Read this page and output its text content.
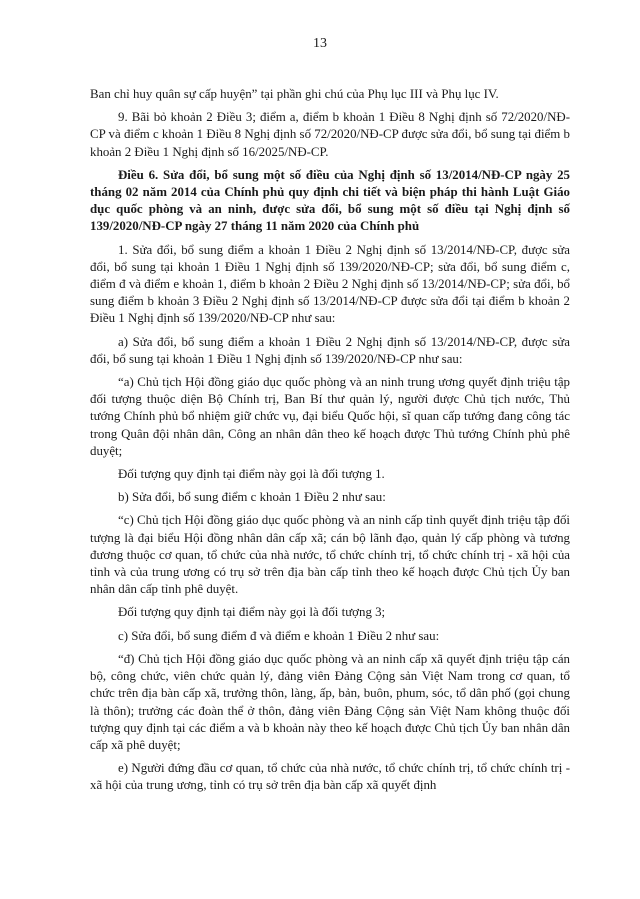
13

Ban chỉ huy quân sự cấp huyện” tại phần ghi chú của Phụ lục III và Phụ lục IV.

9. Bãi bỏ khoản 2 Điều 3; điểm a, điểm b khoản 1 Điều 8 Nghị định số 72/2020/NĐ-CP và điểm c khoản 1 Điều 8 Nghị định số 72/2020/NĐ-CP được sửa đổi, bổ sung tại điểm b khoản 2 Điều 1 Nghị định số 16/2025/NĐ-CP.

Điều 6. Sửa đổi, bổ sung một số điều của Nghị định số 13/2014/NĐ-CP ngày 25 tháng 02 năm 2014 của Chính phủ quy định chi tiết và biện pháp thi hành Luật Giáo dục quốc phòng và an ninh, được sửa đổi, bổ sung một số điều tại Nghị định số 139/2020/NĐ-CP ngày 27 tháng 11 năm 2020 của Chính phủ

1. Sửa đổi, bổ sung điểm a khoản 1 Điều 2 Nghị định số 13/2014/NĐ-CP, được sửa đổi, bổ sung tại khoản 1 Điều 1 Nghị định số 139/2020/NĐ-CP; sửa đổi, bổ sung điểm c, điểm đ và điểm e khoản 1, điểm b khoản 2 Điều 2 Nghị định số 13/2014/NĐ-CP; sửa đổi, bổ sung điểm b khoản 3 Điều 2 Nghị định số 13/2014/NĐ-CP được sửa đổi tại điểm b khoản 2 Điều 1 Nghị định số 139/2020/NĐ-CP như sau:

a) Sửa đổi, bổ sung điểm a khoản 1 Điều 2 Nghị định số 13/2014/NĐ-CP, được sửa đổi, bổ sung tại khoản 1 Điều 1 Nghị định số 139/2020/NĐ-CP như sau:

“a) Chủ tịch Hội đồng giáo dục quốc phòng và an ninh trung ương quyết định triệu tập đối tượng thuộc diện Bộ Chính trị, Ban Bí thư quản lý, người được Chủ tịch nước, Thủ tướng Chính phủ bổ nhiệm giữ chức vụ, đại biểu Quốc hội, sĩ quan cấp tướng đang công tác trong Quân đội nhân dân, Công an nhân dân theo kế hoạch được Thủ tướng Chính phủ phê duyệt;

Đối tượng quy định tại điểm này gọi là đối tượng 1.

b) Sửa đổi, bổ sung điểm c khoản 1 Điều 2 như sau:

“c) Chủ tịch Hội đồng giáo dục quốc phòng và an ninh cấp tỉnh quyết định triệu tập đối tượng là đại biểu Hội đồng nhân dân cấp xã; cán bộ lãnh đạo, quản lý cấp phòng và tương đương thuộc cơ quan, tổ chức của nhà nước, tổ chức chính trị, tổ chức chính trị - xã hội của tỉnh và của trung ương có trụ sở trên địa bàn cấp tỉnh theo kế hoạch được Chủ tịch Ủy ban nhân dân cấp tỉnh phê duyệt.

Đối tượng quy định tại điểm này gọi là đối tượng 3;

c) Sửa đổi, bổ sung điểm đ và điểm e khoản 1 Điều 2 như sau:

“đ) Chủ tịch Hội đồng giáo dục quốc phòng và an ninh cấp xã quyết định triệu tập cán bộ, công chức, viên chức quản lý, đảng viên Đảng Cộng sản Việt Nam trong cơ quan, tổ chức trên địa bàn cấp xã, trưởng thôn, làng, ấp, bản, buôn, phum, sóc, tổ dân phố (gọi chung là thôn); trưởng các đoàn thể ở thôn, đảng viên Đảng Cộng sản Việt Nam không thuộc đối tượng quy định tại các điểm a và b khoản này theo kế hoạch được Chủ tịch Ủy ban nhân dân cấp xã phê duyệt;

e) Người đứng đầu cơ quan, tổ chức của nhà nước, tổ chức chính trị, tổ chức chính trị - xã hội của trung ương, tỉnh có trụ sở trên địa bàn cấp xã quyết định
